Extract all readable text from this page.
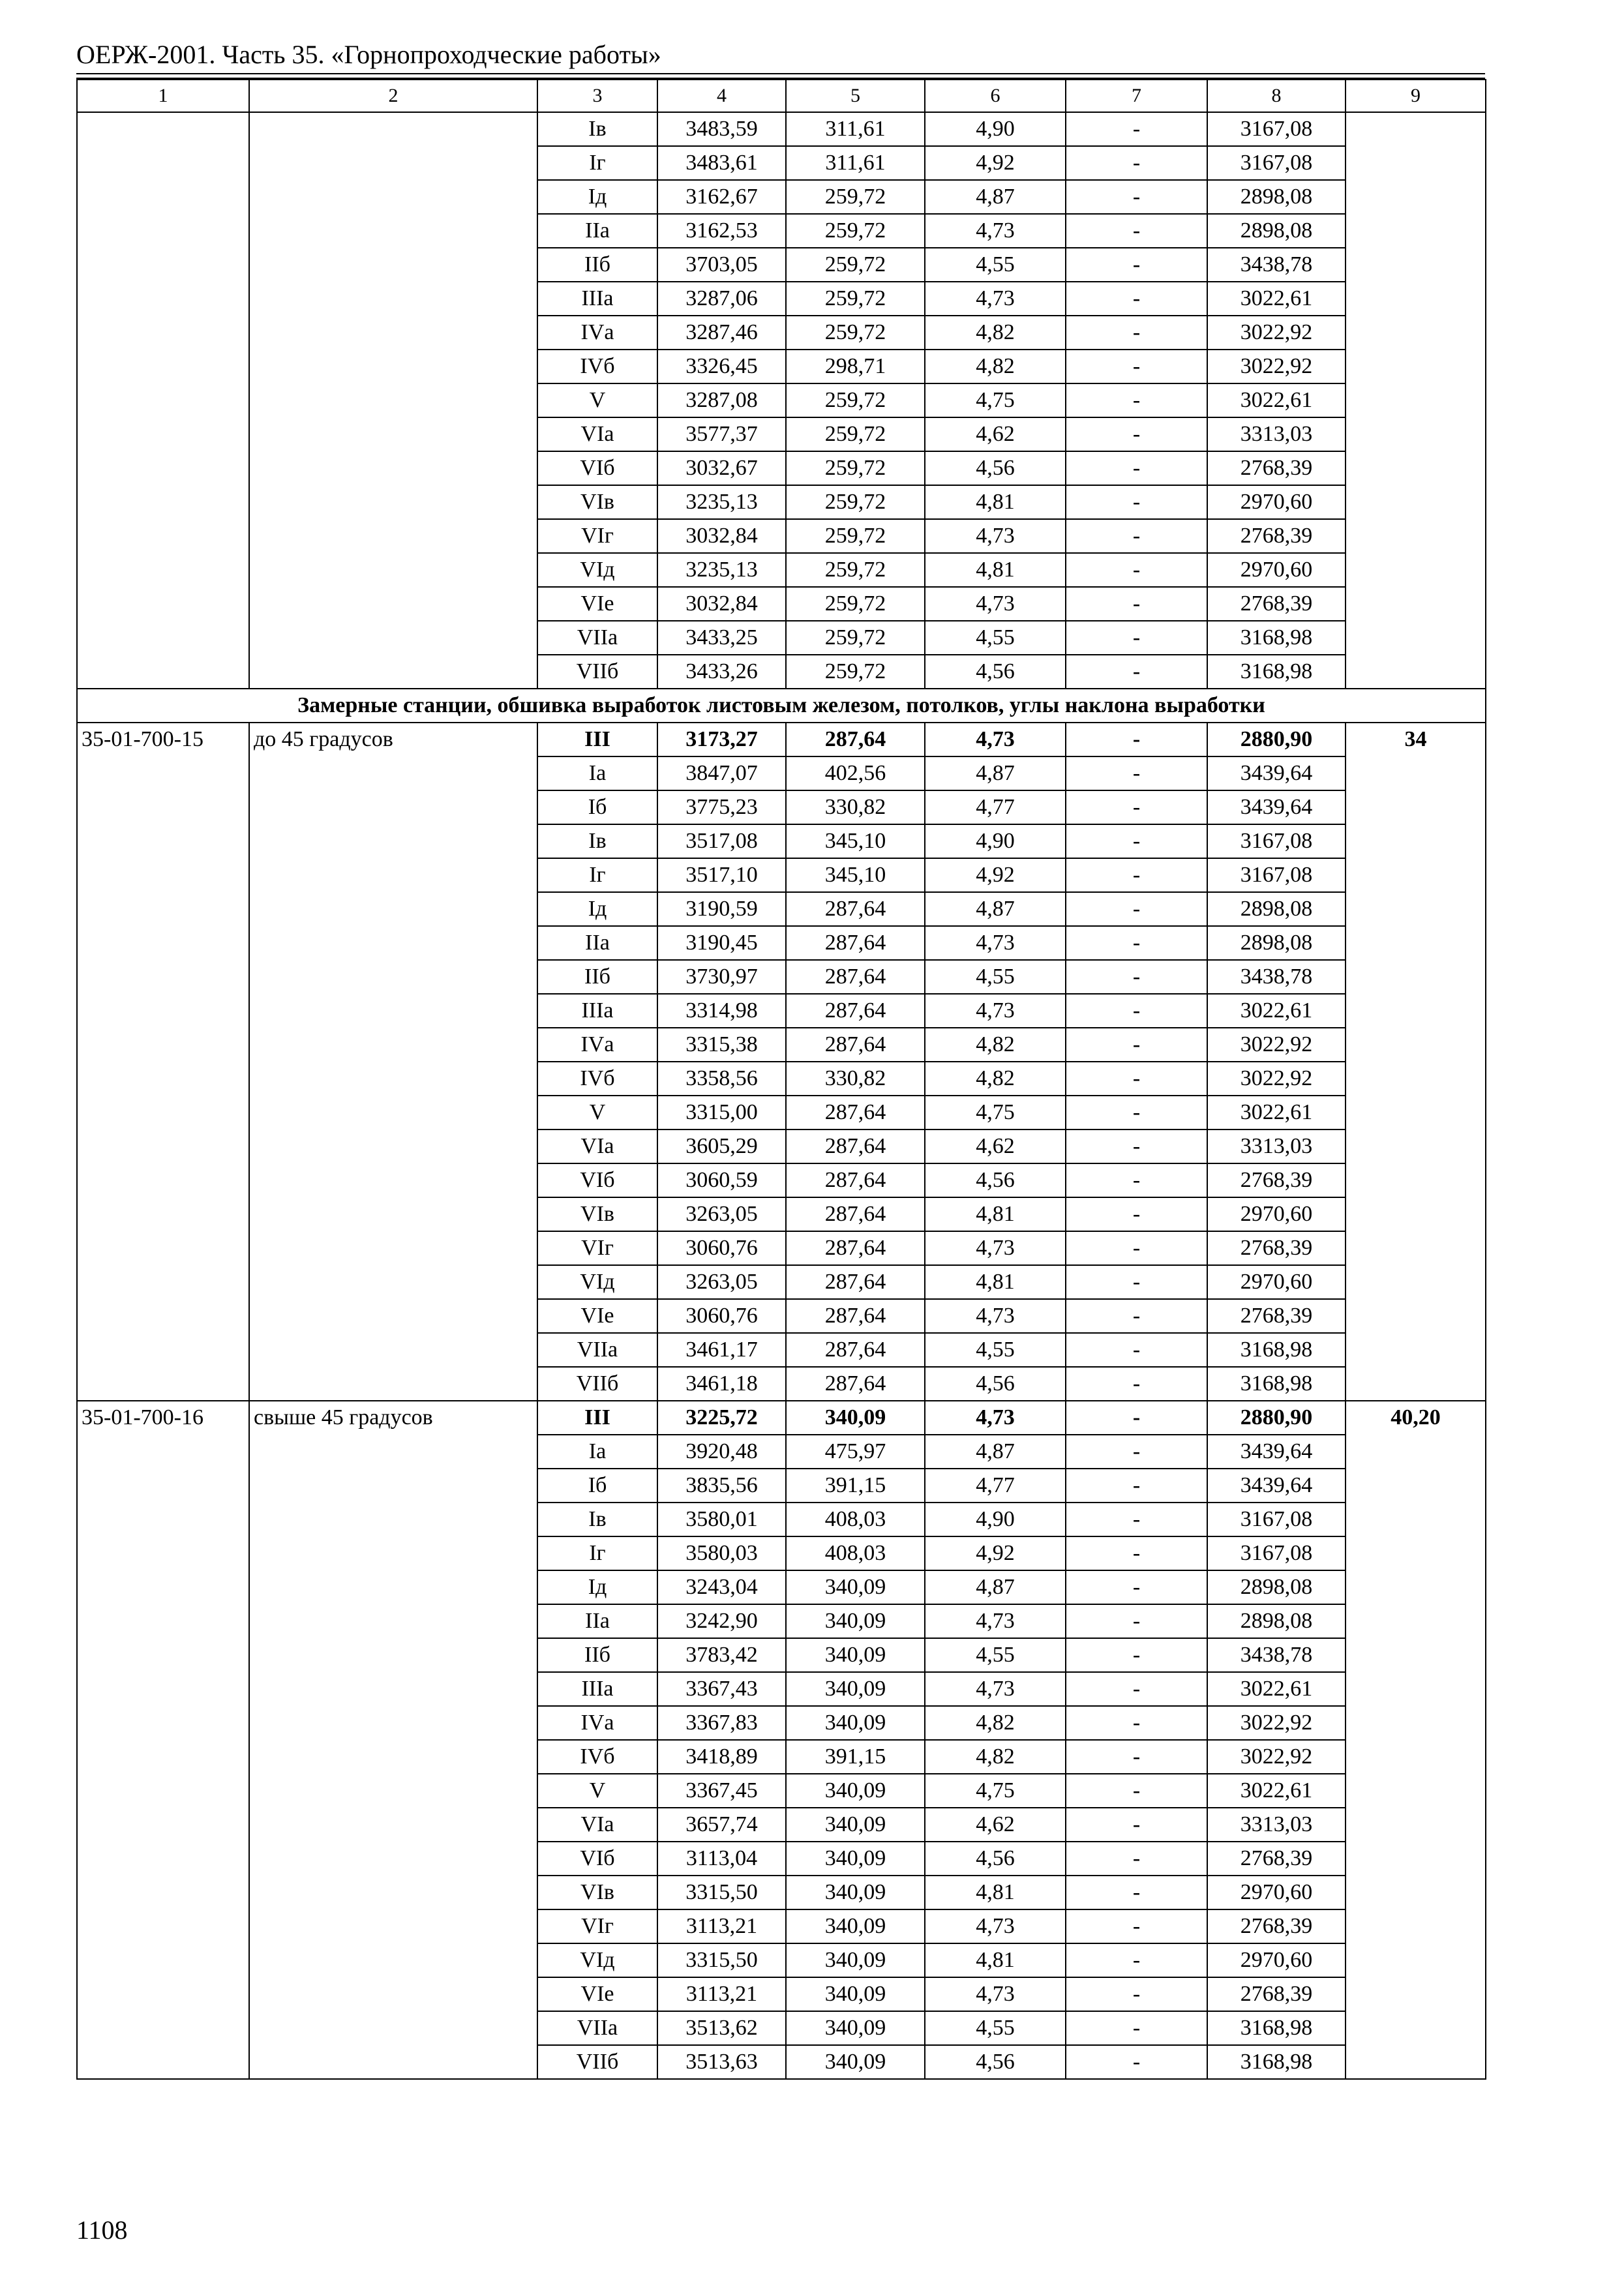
ОЕРЖ-2001. Часть 35. «Горнопроходческие работы»
1	2	3	4	5	6	7	8	9
		Iв	3483,59	311,61	4,90	-	3167,08	
		Iг	3483,61	311,61	4,92	-	3167,08	
		Iд	3162,67	259,72	4,87	-	2898,08	
		IIа	3162,53	259,72	4,73	-	2898,08	
		IIб	3703,05	259,72	4,55	-	3438,78	
		IIIа	3287,06	259,72	4,73	-	3022,61	
		IVа	3287,46	259,72	4,82	-	3022,92	
		IVб	3326,45	298,71	4,82	-	3022,92	
		V	3287,08	259,72	4,75	-	3022,61	
		VIа	3577,37	259,72	4,62	-	3313,03	
		VIб	3032,67	259,72	4,56	-	2768,39	
		VIв	3235,13	259,72	4,81	-	2970,60	
		VIг	3032,84	259,72	4,73	-	2768,39	
		VIд	3235,13	259,72	4,81	-	2970,60	
		VIе	3032,84	259,72	4,73	-	2768,39	
		VIIа	3433,25	259,72	4,55	-	3168,98	
		VIIб	3433,26	259,72	4,56	-	3168,98	
Замерные станции, обшивка выработок листовым железом, потолков, углы наклона выработки								
35-01-700-15	до 45 градусов	III	3173,27	287,64	4,73	-	2880,90	34
		Iа	3847,07	402,56	4,87	-	3439,64	
		Iб	3775,23	330,82	4,77	-	3439,64	
		Iв	3517,08	345,10	4,90	-	3167,08	
		Iг	3517,10	345,10	4,92	-	3167,08	
		Iд	3190,59	287,64	4,87	-	2898,08	
		IIа	3190,45	287,64	4,73	-	2898,08	
		IIб	3730,97	287,64	4,55	-	3438,78	
		IIIа	3314,98	287,64	4,73	-	3022,61	
		IVа	3315,38	287,64	4,82	-	3022,92	
		IVб	3358,56	330,82	4,82	-	3022,92	
		V	3315,00	287,64	4,75	-	3022,61	
		VIа	3605,29	287,64	4,62	-	3313,03	
		VIб	3060,59	287,64	4,56	-	2768,39	
		VIв	3263,05	287,64	4,81	-	2970,60	
		VIг	3060,76	287,64	4,73	-	2768,39	
		VIд	3263,05	287,64	4,81	-	2970,60	
		VIе	3060,76	287,64	4,73	-	2768,39	
		VIIа	3461,17	287,64	4,55	-	3168,98	
		VIIб	3461,18	287,64	4,56	-	3168,98	
35-01-700-16	свыше 45 градусов	III	3225,72	340,09	4,73	-	2880,90	40,20
		Iа	3920,48	475,97	4,87	-	3439,64	
		Iб	3835,56	391,15	4,77	-	3439,64	
		Iв	3580,01	408,03	4,90	-	3167,08	
		Iг	3580,03	408,03	4,92	-	3167,08	
		Iд	3243,04	340,09	4,87	-	2898,08	
		IIа	3242,90	340,09	4,73	-	2898,08	
		IIб	3783,42	340,09	4,55	-	3438,78	
		IIIа	3367,43	340,09	4,73	-	3022,61	
		IVа	3367,83	340,09	4,82	-	3022,92	
		IVб	3418,89	391,15	4,82	-	3022,92	
		V	3367,45	340,09	4,75	-	3022,61	
		VIа	3657,74	340,09	4,62	-	3313,03	
		VIб	3113,04	340,09	4,56	-	2768,39	
		VIв	3315,50	340,09	4,81	-	2970,60	
		VIг	3113,21	340,09	4,73	-	2768,39	
		VIд	3315,50	340,09	4,81	-	2970,60	
		VIе	3113,21	340,09	4,73	-	2768,39	
		VIIа	3513,62	340,09	4,55	-	3168,98	
		VIIб	3513,63	340,09	4,56	-	3168,98	
1108
